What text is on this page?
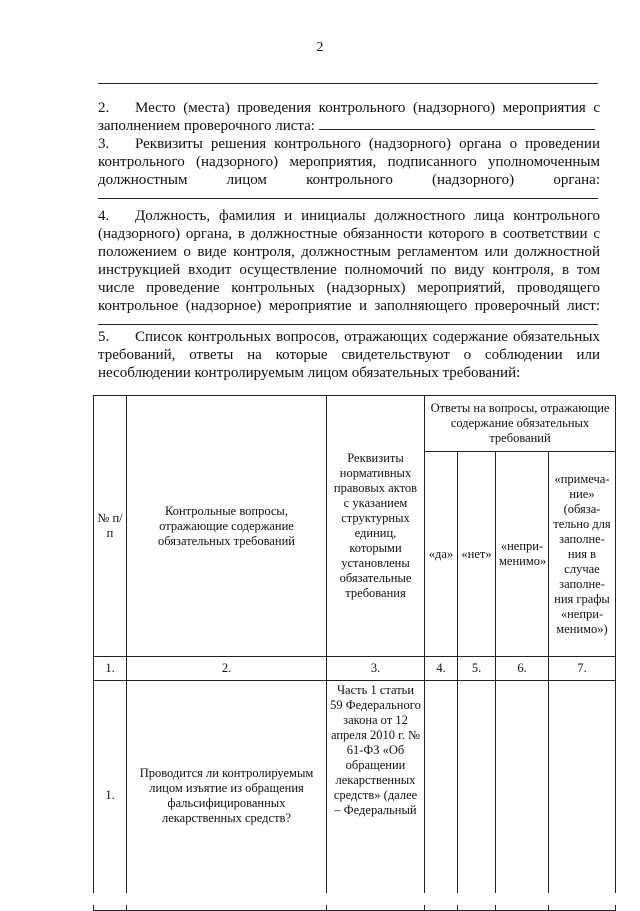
2
2. Место (места) проведения контрольного (надзорного) мероприятия с
заполнением проверочного листа:
3. Реквизиты решения контрольного (надзорного) органа о проведении
контрольного (надзорного) мероприятия, подписанного уполномоченным
должностным лицом контрольного (надзорного) органа:
4. Должность, фамилия и инициалы должностного лица контрольного
(надзорного) органа, в должностные обязанности которого в соответствии с
положением о виде контроля, должностным регламентом или должностной
инструкцией входит осуществление полномочий по виду контроля, в том
числе проведение контрольных (надзорных) мероприятий, проводящего
контрольное (надзорное) мероприятие и заполняющего проверочный лист:
5. Список контрольных вопросов, отражающих содержание обязательных
требований, ответы на которые свидетельствуют о соблюдении или
несоблюдении контролируемым лицом обязательных требований:
№ п/п	Контрольные вопросы, отражающие содержание обязательных требований	Реквизиты нормативных правовых актов с указанием структурных единиц, которыми установлены обязательные требования	Ответы на вопросы, отражающие содержание обязательных требований			
			«да»	«нет»	«непри-менимо»	«примеча-ние» (обяза-тельно для заполне-ния в случае заполне-ния графы «непри-менимо»)
1.	2.	3.	4.	5.	6.	7.
1.	Проводится ли контролируемым лицом изъятие из обращения фальсифицированных лекарственных средств?	Часть 1 статьи 59 Федерального закона от 12 апреля 2010 г. № 61-ФЗ «Об обращении лекарственных средств» (далее – Федеральный				
